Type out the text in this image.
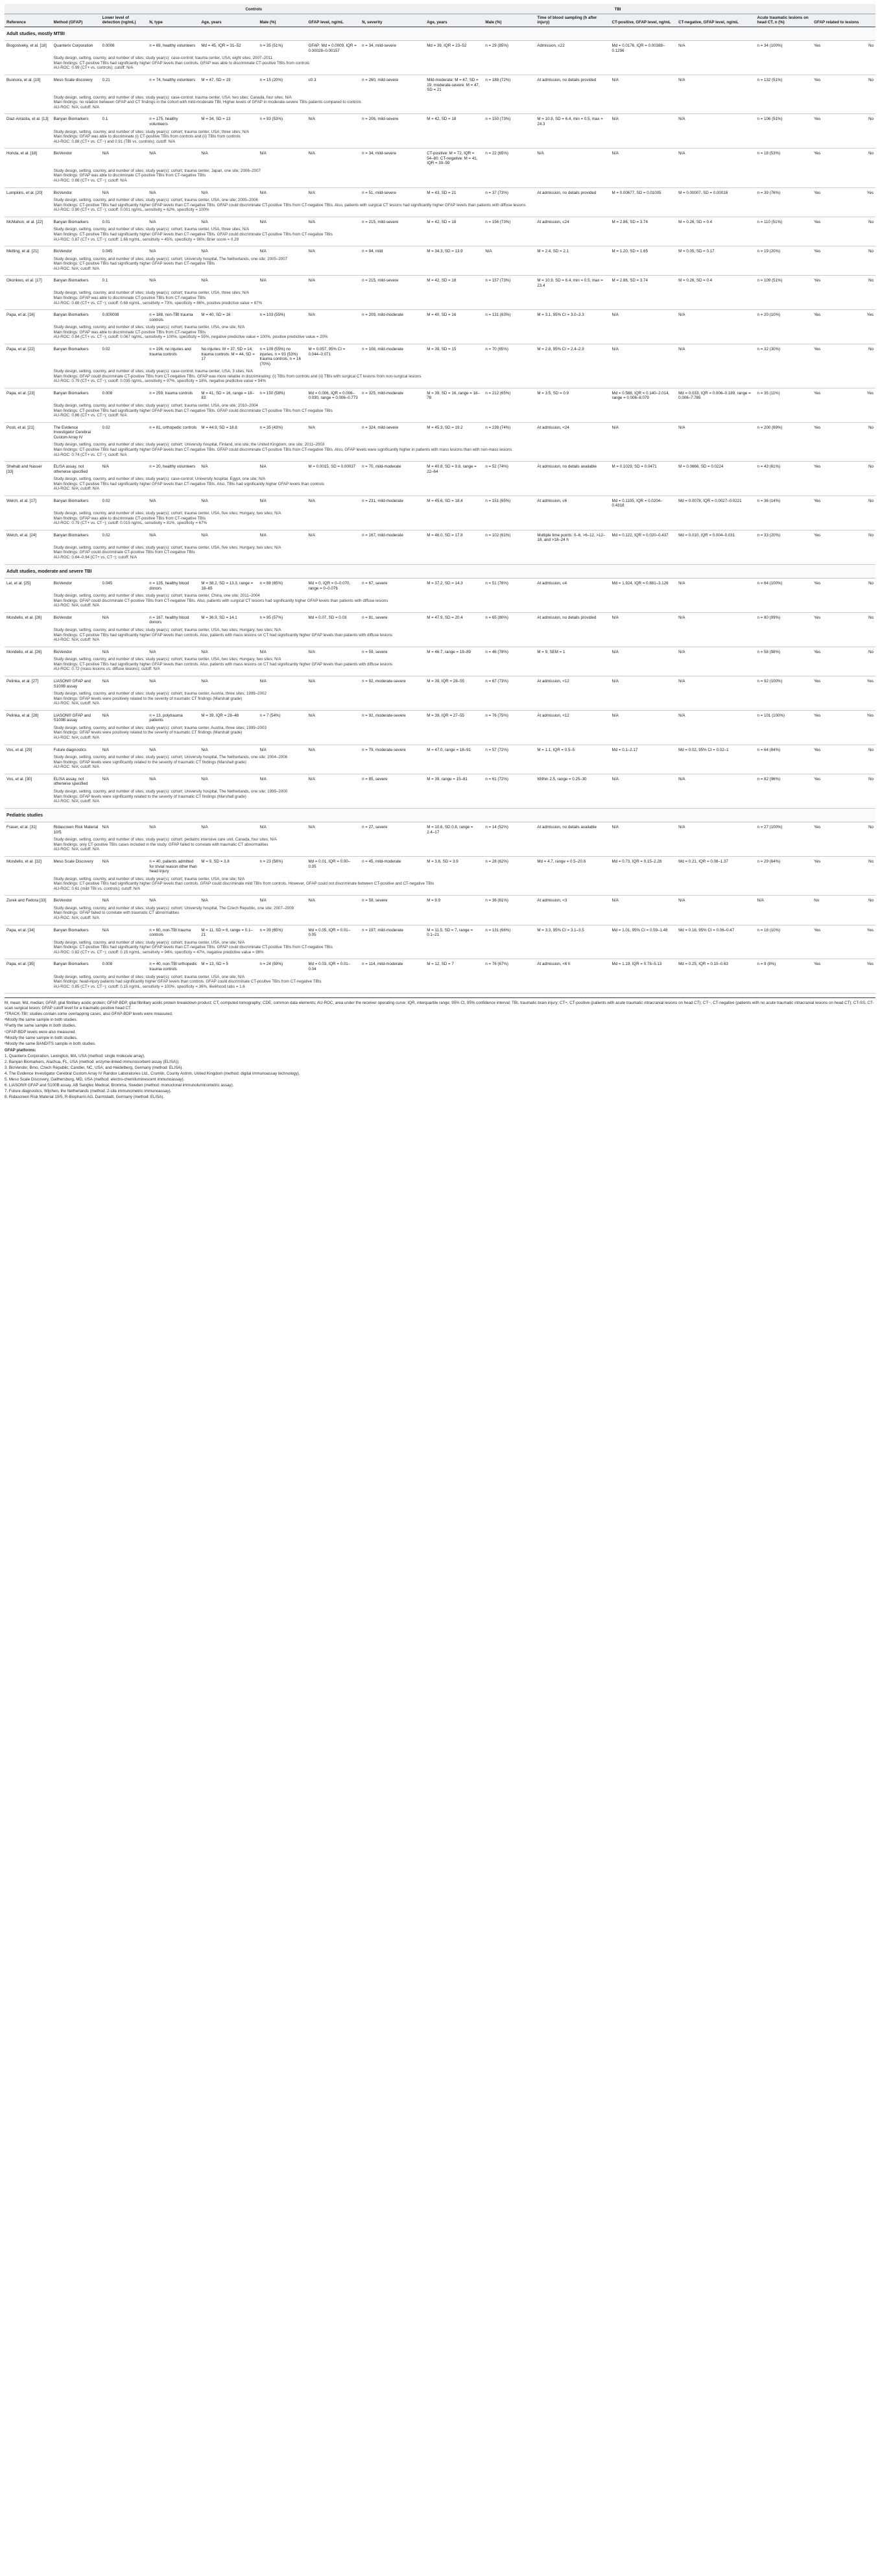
			Controls				TBI							
Reference	Method (GFAP)	Lower level of detection (ng/mL)	N, type	Age, years	Male (%)	GFAP level, ng/mL	N, severity	Age, years	Male (%)	Time of blood sampling (h after injury)	CT-positive, GFAP level, ng/mL	CT-negative, GFAP level, ng/mL	Acute traumatic lesions on head CT, n (%)	GFAP related to lesions
Adult studies, mostly MTBI														
Blogostveky, et al. [18]	Quanterix Corporation	0.0006	n = 69, healthy volunteers	Md = 45, IQR = 31–52	n = 35 (51%)	GFAP: Md = 0.0009, IQR = 0.00028–0.00157	n = 34, mild-severe	Md = 39, IQR = 23–52	n = 29 (85%)	Admission, ≤22	Md = 0.0176, IQR = 0.00388–0.1296	N/A	n = 34 (100%)	Yes No

	Study design, setting, country, and number of sites; study year(s): case-control; trauma center, USA; eight sites; 2007–2011
Main findings: CT-positive TBIs had significantly higher GFAP levels than controls. GFAP was able to discriminate CT-positive TBIs from controls
AU-ROC: 0.99 (CT+ vs. controls); cutoff: N/A													

Buonora, et al. [19]	Meso Scale discovery	0.21	n = 74, healthy volunteers	M = 47, SD = 19	n = 15 (20%)	≤0.3	n = 260, mild-severe	Mild-moderate: M = 47, SD = 19, moderate-severe: M = 47, SD = 21	n = 188 (72%)	At admission, no details provided	N/A	N/A	n = 132 (51%)	Yes No

	Study design, setting, country, and number of sites; study year(s): case-control; trauma center, USA; two sites; Canada, four sites; N/A
Main findings: no relation between GFAP and CT findings in the cohort with mild-moderate TBI. Higher levels of GFAP in moderate-severe TBIs patients compared to controls
AU-ROC: N/A; cutoff: N/A													

Diaz-Arrastia, et al. [13]	Banyan Biomarkers	0.1	n = 175, healthy volunteers	M = 34, SD = 13	n = 93 (53%)	N/A	n = 206, mild-severe	M = 42, SD = 18	n = 150 (73%)	M = 10.9, SD = 6.4, min = 0.5, max = 24.3	N/A	N/A	n = 106 (51%)	Yes No

	Study design, setting, country, and number of sites; study year(s): cohort; trauma center, USA; three sites; N/A
Main findings: GFAP was able to discriminate (i) CT-positive TBIs from controls and (ii) TBIs from controls
AU-ROC: 0.88 (CT+ vs. CT−) and 0.91 (TBI vs. controls); cutoff: N/A													

Honda, et al. [18]	BioVendor	N/A	N/A	N/A	N/A	N/A	n = 34, mild-severe	CT-positive: M = 72, IQR = 54–80; CT-negative: M = 41, IQR = 30–59	n = 22 (65%)	N/A	N/A	N/A	n = 18 (53%)	Yes No

	Study design, setting, country, and number of sites; study year(s): cohort; trauma center, Japan, one site; 2006–2007
Main findings: GFAP was able to discriminate CT-positive TBIs from CT-negative TBIs
AU-ROC: 0.86 (CT+ vs. CT−); cutoff: N/A													

Lumpkins, et al. [20]	BioVendor	N/A	N/A	N/A	N/A	N/A	n = 51, mild-severe	M = 43, SD = 21	n = 37 (73%)	At admission, no details provided	M = 0.00677, SD = 0.01005	M = 0.00007, SD = 0.00018	n = 39 (76%)	Yes Yes

	Study design, setting, country, and number of sites; study year(s): cohort; trauma center, USA, one site; 2005–2006
Main findings: CT-positive TBIs had significantly higher GFAP levels than CT-negative TBIs. GFAP could discriminate CT-positive TBIs from CT-negative TBIs. Also, patients with surgical CT lesions had significantly higher GFAP levels than patients with diffuse lesions
AU-ROC: 0.90 (CT+ vs. CT−); cutoff: 0.001 ng/mL, sensitivity = 62%, specificity = 100%													

McMahon, et al. [22]	Banyan Biomarkers	0.01	N/A	N/A	N/A	N/A	n = 215, mild-severe	M = 42, SD = 18	n = 156 (73%)	At admission, ≤24	M = 2.86, SD = 3.74	M = 0.26, SD = 0.4	n = 110 (51%)	Yes No

	Study design, setting, country, and number of sites; study year(s): cohort; trauma center, USA, three sites; N/A
Main findings: CT-positive TBIs had significantly higher GFAP levels than CT-negative TBIs. GFAP could discriminate CT-positive TBIs from CT-negative TBIs
AU-ROC: 0.87 (CT+ vs. CT−); cutoff: 1.66 ng/mL, sensitivity = 45%, specificity = 96%; Brier score = 0.29													

Metting, et al. [21]	BioVendor	0.045	N/A	N/A	N/A	N/A	n = 94, mild	M = 34.3, SD = 13.9	N/A	M = 2.4, SD = 2.1	M = 1.20, SD = 1.65	M = 0.05, SD = 0.17	n = 19 (20%)	Yes No

	Study design, setting, country, and number of sites; study year(s): cohort; University hospital, The Netherlands, one site; 2005–2007
Main findings: CT-positive TBIs had significantly higher GFAP levels than CT-negative TBIs
AU-ROC: N/A; cutoff: N/A													

Okonkwo, et al. [17]	Banyan Biomarkers	0.1	N/A	N/A	N/A	N/A	n = 215, mild-severe	M = 42, SD = 18	n = 157 (73%)	M = 10.9, SD = 6.4, min = 0.5, max = 23.4	M = 2.86, SD = 3.74	M = 0.26, SD = 0.4	n = 109 (51%)	Yes No

	Study design, setting, country, and number of sites; study year(s): cohort; trauma center, USA, three sites; N/A
Main findings: GFAP was able to discriminate CT-positive TBIs from CT-negative TBIs
AU-ROC: 0.88 (CT+ vs. CT−); cutoff: 0.68 ng/mL, sensitivity = 73%, specificity = 86%, positive predictive value = 87%													

Papa, et al. [16]	Banyan Biomarkers	0.000008	n = 188, non-TBI trauma controls	M = 40, SD = 16	n = 103 (55%)	N/A	n = 209, mild-moderate	M = 40, SD = 16	n = 131 (63%)	M = 3.1, 95% CI = 3.0–3.3	N/A	N/A	n = 20 (10%)	Yes Yes

	Study design, setting, country, and number of sites; study year(s): cohort; trauma center, USA, one site; N/A
Main findings: GFAP was able to discriminate CT-positive TBIs from CT-negative TBIs
AU-ROC: 0.84 (CT+ vs. CT−); cutoff: 0.067 ng/mL, sensitivity = 100%, specificity = 55%, negative predictive value = 100%, positive predictive value = 20%													

Papa, et al. [22]	Banyan Biomarkers	0.02	n = 196, no injuries and trauma controls	No injuries: M = 37, SD = 14; trauma controls: M = 44, SD = 17	n = 109 (55%) no injuries, n = 93 (53%) trauma controls, n = 16 (70%)	M = 0.057, 95% CI = 0.044–0.071	n = 108, mild-moderate	M = 39, SD = 15	n = 70 (65%)	M = 2.8, 95% CI = 2.4–2.9	N/A	N/A	n = 32 (30%)	Yes No

	Study design, setting, country, and number of sites; study year(s): case-control; trauma center, USA, 3 sites; N/A
Main findings: GFAP could discriminate CT-positive TBIs from CT-negative TBIs. GFAP was more reliable in discriminating: (i) TBIs from controls and (ii) TBIs with surgical CT lesions from non-surgical lesions
AU-ROC: 0.79 (CT+ vs. CT−); cutoff: 0.035 ng/mL, sensitivity = 97%, specificity = 18%, negative predictive value = 94%													

Papa, et al. [23]	Banyan Biomarkers	0.008	n = 259, trauma controls	M = 41, SD = 16, range = 18–83	n = 150 (58%)	Md = 0.006, IQR = 0.006–0.030, range = 0.006–0.773	n = 325, mild-moderate	M = 39, SD = 16, range = 18–78	n = 212 (65%)	M = 3.5, SD = 0.9	Md = 0.588, IQR = 0.140–2.014, range = 0.006–8.079	Md = 0.033, IQR = 0.006–0.189, range = 0.006–7.785	n = 35 (11%)	Yes Yes

	Study design, setting, country, and number of sites; study year(s): cohort; trauma center, USA, one site; 2010–2004
Main findings: CT-positive TBIs had significantly higher GFAP levels than CT-negative TBIs. GFAP could discriminate CT-positive TBIs from CT-negative TBIs
AU-ROC: 0.86 (CT+ vs. CT−); cutoff: N/A													

Posti, et al. [21]	The Evidence Investigator Cerebral Custom Array IV	0.02	n = 81, orthopedic controls	M = 44.9, SD = 18.8	n = 35 (43%)	N/A	n = 324, mild-severe	M = 45.3, SD = 19.2	n = 238 (74%)	At admission, <24	N/A	N/A	n = 200 (69%)	Yes No

	Study design, setting, country, and number of sites; study year(s): cohort; University hospital, Finland, one site; the United Kingdom, one site; 2011–2003
Main findings: CT-positive TBIs had significantly higher GFAP levels than CT-negative TBIs. GFAP could discriminate CT-positive TBIs from CT-negative TBIs. Also, GFAP levels were significantly higher in patients with mass lesions than with non-mass lesions
AU-ROC: 0.74 (CT+ vs. CT−); cutoff: N/A													

Shehab and Nasser [33]	ELISA assay, not otherwise specified	N/A	n = 20, healthy volunteers	N/A	N/A	M = 0.0015, SD = 0.00037	n = 70, mild-moderate	M = 40.8, SD = 9.8, range = 22–64	n = 52 (74%)	At admission, no details available	M = 0.1029, SD = 0.0471	M = 0.0666, SD = 0.0224	n = 43 (61%)	Yes No

	Study design, setting, country, and number of sites; study year(s): case-control; University hospital, Egypt, one site; N/A
Main findings: CT-positive TBIs had significantly higher GFAP levels than CT-negative TBIs. Also, TBIs had significantly higher GFAP levels than controls
AU-ROC: N/A; cutoff: N/A													

Welch, et al. [17]	Banyan Biomarkers	0.02	N/A	N/A	N/A	N/A	n = 231, mild-moderate	M = 45.6, SD = 18.4	n = 151 (65%)	At admission, ≤6	Md = 0.1105, IQR = 0.0204–0.4318	Md = 0.0078, IQR = 0.0027–0.0221	n = 36 (14%)	Yes No

	Study design, setting, country, and number of sites; study year(s): cohort; trauma center, USA, five sites; Hungary, two sites; N/A
Main findings: GFAP was able to discriminate CT-positive TBIs from CT-negative TBIs
AU-ROC: 0.79 (CT+ vs. CT−); cutoff: 0.015 ng/mL, sensitivity = 81%, specificity = 67%													

Welch, et al. [24]	Banyan Biomarkers	0.02	N/A	N/A	N/A	N/A	n = 167, mild-moderate	M = 46.0, SD = 17.8	n = 102 (61%)	Multiple time points: 0–6, >6–12, >12–18, and >18–24 h	Md = 0.122, IQR = 0.020–0.437	Md = 0.010, IQR = 0.004–0.031	n = 33 (20%)	Yes No

	Study design, setting, country, and number of sites; study year(s): cohort; trauma center, USA, five sites; Hungary, two sites; N/A
Main findings: GFAP could discriminate CT-positive TBIs from CT-negative TBIs
AU-ROC: 0.84–0.94 (CT+ vs. CT−); cutoff: N/A													

Adult studies, moderate and severe TBI														
Lei, et al. [25]	BioVendor	0.045	n = 135, healthy blood donors	M = 38.2, SD = 13.3, range = 18–65	n = 88 (65%)	Md = 0, IQR = 0–0.070, range = 0–0.076	n = 67, severe	M = 37.2, SD = 14.3	n = 51 (76%)	At admission, ≤4	Md = 1.924, IQR = 0.881–3.126	N/A	n = 64 (100%)	Yes No

	Study design, setting, country, and number of sites; study year(s): cohort; trauma center, China, one site; 2011–2004
Main findings: GFAP could discriminate CT-positive TBIs from CT-negative TBIs. Also, patients with surgical CT lesions had significantly higher GFAP levels than patients with diffuse lesions
AU-ROC: N/A; cutoff: N/A													

Mondello, et al. [26]	BioVendor	N/A	n = 167, healthy blood donors	M = 36.9, SD = 14.1	n = 95 (57%)	Md = 0.07, SD = 0.03	n = 81, severe	M = 47.9, SD = 20.4	n = 65 (80%)	At admission, no details provided	N/A	N/A	n = 80 (99%)	Yes No

	Study design, setting, country, and number of sites; study year(s): cohort; trauma center, USA, two sites; Hungary, two sites; N/A
Main findings: CT-positive TBIs had significantly higher GFAP levels than controls. Also, patients with mass lesions on CT had significantly higher GFAP levels than patients with diffuse lesions
AU-ROC: N/A; cutoff: N/A													

Mondello, et al. [26]	BioVendor	N/A	N/A	N/A	N/A	N/A	n = 59, severe	M = 46.7, range = 19–89	n = 46 (78%)	M = 9, SEM = 1	N/A	N/A	n = 58 (98%)	Yes No

	Study design, setting, country, and number of sites; study year(s): cohort; trauma center, USA, two sites; Hungary, two sites; N/A
Main findings: CT-positive TBIs had significantly higher GFAP levels than controls. Also, patients with mass lesions on CT had significantly higher GFAP levels than patients with diffuse lesions
AU-ROC: 0.72 (mass lesions vs. diffuse lesions); cutoff: N/A													

Pelinka, et al. [27]	LIASON® GFAP and S100B assay	N/A	N/A	N/A	N/A	N/A	n = 92, moderate-severe	M = 39, IQR = 28–55	n = 67 (73%)	At admission, <12	N/A	N/A	n = 92 (100%)	Yes Yes

	Study design, setting, country, and number of sites; study year(s): cohort; trauma center, Austria, three sites; 1999–2002
Main findings: GFAP levels were positively related to the severity of traumatic CT findings (Marshall grade)
AU-ROC: N/A; cutoff: N/A													

Pelinka, et al. [28]	LIASON® GFAP and S100B assay	N/A	n = 13, polytrauma patients	M = 39, IQR = 28–48	n = 7 (54%)	N/A	n = 92, moderate-severe	M = 39, IQR = 27–55	n = 76 (75%)	At admission, <12	N/A	N/A	n = 101 (100%)	Yes Yes

	Study design, setting, country, and number of sites; study year(s): cohort; trauma center, Austria, three sites; 1999–2003
Main findings: GFAP levels were positively related to the severity of traumatic CT findings (Marshall grade)
AU-ROC: N/A; cutoff: N/A													

Vos, et al. [29]	Future diagnostics	N/A	N/A	N/A	N/A	N/A	n = 79, moderate-severe	M = 47.0, range = 18–91	n = 57 (72%)	M = 1.1, IQR = 0.5–5	Md = 0.1–2.17	Md = 0.02, 95% CI = 0.02–1	n = 64 (84%)	Yes No

	Study design, setting, country, and number of sites; study year(s): cohort; University hospital, The Netherlands, one site; 2004–2006
Main findings: GFAP levels were significantly related to the severity of traumatic CT findings (Marshall grade)
AU-ROC: N/A; cutoff: N/A													

Vos, et al. [30]	ELISA assay, not otherwise specified	N/A	N/A	N/A	N/A	N/A	n = 85, severe	M = 39, range = 15–81	n = 61 (72%)	Within 2.5, range = 0.25–30	N/A	N/A	n = 82 (96%)	Yes No

	Study design, setting, country, and number of sites; study year(s): cohort; University hospital, The Netherlands, one site; 1999–2000
Main findings: GFAP levels were significantly related to the severity of traumatic CT findings (Marshall grade)
AU-ROC: N/A; cutoff: N/A													

Pediatric studies														
Fraser, et al. [31]	Ridascreen Risk Material 10/5	N/A	N/A	N/A	N/A	N/A	n = 27, severe	M = 10.6, SD 0.8, range = 2.4–17	n = 14 (52%)	At admission, no details available	N/A	N/A	n = 27 (100%)	Yes No

	Study design, setting, country, and number of sites; study year(s): cohort; pediatric intensive care unit, Canada, four sites; N/A
Main findings: only CT-positive TBIs cases included in the study. GFAP failed to correlate with traumatic CT abnormalities
AU-ROC: N/A; cutoff: N/A													

Mondello, et al. [32]	Meso Scale Discovery	N/A	n = 40, patients admitted for trivial reason other than head injury	M = 9, SD = 3.8	n = 23 (58%)	Md = 0.01, IQR = 0.00–0.05	n = 45, mild-moderate	M = 3.6, SD = 3.9	n = 28 (62%)	Md = 4.7, range = 0.5–20.8	Md = 0.73, IQR = 0.15–2.28	Md = 0.21, IQR = 0.08–1.37	n = 29 (64%)	Yes No

	Study design, setting, country, and number of sites; study year(s): cohort; trauma center, USA, one site; N/A
Main findings: CT-positive TBIs had significantly higher GFAP levels than controls. GFAP could discriminate mild TBIs from controls. However, GFAP could not discriminate between CT-positive and CT-negative TBIs
AU-ROC: 0.61 (mild TBI vs. controls); cutoff: N/A													

Zurek and Fedora [33]	BioVendor	N/A	N/A	N/A	N/A	N/A	n = 59, severe	M = 9.9	n = 36 (61%)	At admission, <3	N/A	N/A	N/A	No No

	Study design, setting, country, and number of sites; study year(s): cohort; University hospital, The Czech Republic, one site; 2007–2009
Main findings: GFAP failed to correlate with traumatic CT abnormalities
AU-ROC: N/A; cutoff: N/A													

Papa, et al. [34]	Banyan Biomarkers	N/A	n = 60, non-TBI trauma controls	M = 11, SD = 6, range = 0.1–21	n = 39 (65%)	Md = 0.05, IQR = 0.01–0.05	n = 197, mild-moderate	M = 11.5, SD = 7, range = 0.1–21	n = 131 (66%)	M = 3.3, 95% CI = 3.1–3.5	Md = 1.01, 95% CI = 0.59–1.48	Md = 0.16, 95% CI = 0.06–0.47	n = 18 (10%)	Yes Yes

	Study design, setting, country, and number of sites; study year(s): cohort; trauma center, USA, one site; N/A
Main findings: CT-positive TBIs had significantly higher GFAP levels than CT-negative TBIs. GFAP could discriminate CT-positive TBIs from CT-negative TBIs
AU-ROC: 0.82 (CT+ vs. CT−); cutoff: 0.15 ng/mL, sensitivity = 94%, specificity = 47%, negative predictive value = 98%													

Papa, et al. [35]	Banyan Biomarkers	0.008	n = 40, non-TBI orthopedic trauma controls	M = 13, SD = 5	n = 24 (59%)	Md = 0.03, IQR = 0.01–0.04	n = 114, mild-moderate	M = 12, SD = 7	n = 76 (67%)	At admission, <6 h	Md = 1.19, IQR = 0.78–5.13	Md = 0.25, IQR = 0.10–0.63	n = 9 (8%)	Yes Yes

	Study design, setting, country, and number of sites; study year(s): cohort; trauma center, USA, one site; N/A
Main findings: head-injury patients had significantly higher GFAP levels than controls. GFAP could discriminate CT-positive TBIs from CT-negative TBIs
AU-ROC: 0.85 (CT+ vs. CT−); cutoff: 0.15 ng/mL, sensitivity = 100%, specificity = 36%, likelihood ratio = 1.6													
M, mean; Md, median; GFAP, glial fibrillary acidic protein; GFAP-BDP, glial fibrillary acidic protein breakdown product; CT, computed tomography; CDE, common data elements; AU-ROC, area under the receiver operating curve; IQR, interquartile range; 95% CI, 95% confidence interval; TBI, traumatic brain injury; CT+, CT-positive (patients with acute traumatic intracranial lesions on head CT); CT−, CT-negative (patients with no acute traumatic intracranial lesions on head CT); CT-SS, CT-scan surgical lesion; GFAP cutoff level for a traumatic-positive head CT.
*TRACK-TBI; studies contain some overlapping cases, also GFAP-BDP levels were measured.
ᵃMostly the same sample in both studies.
ᵇPartly the same sample in both studies.
ᶜGFAP-BDP levels were also measured.
ᵈMostly the same sample in both studies.
ᵉMostly the same BANDITS sample in both studies.
GFAP platforms:
1. Quanterix Corporation, Lexington, MA, USA (method: single molecule array).
2. Banyan Biomarkers, Alachua, FL, USA (method: enzyme-linked immunosorbent assay (ELISA)).
3. BioVendor, Brno, Czech Republic; Candler, NC, USA; and Heidelberg, Germany (method: ELISA).
4. The Evidence Investigator Cerebral Custom Array IV Randox Laboratories Ltd., Crumlin, County Antrim, United Kingdom (method: digital immunoassay technology).
5. Meso Scale Discovery, Gaithersburg, MD, USA (method: electro-chemiluminescent immunoassay).
6. LIASON® GFAP and S100B assay, AB Sangtec Medical, Bromma, Sweden (method: monoclonal immunoluminometric assay).
7. Future diagnostics, Wijchen, the Netherlands (method: 2-site immunometric immunoassay).
8. Ridascreen Risk Material 10/5, R-Biopharm AG, Darmstadt, Germany (method: ELISA).
